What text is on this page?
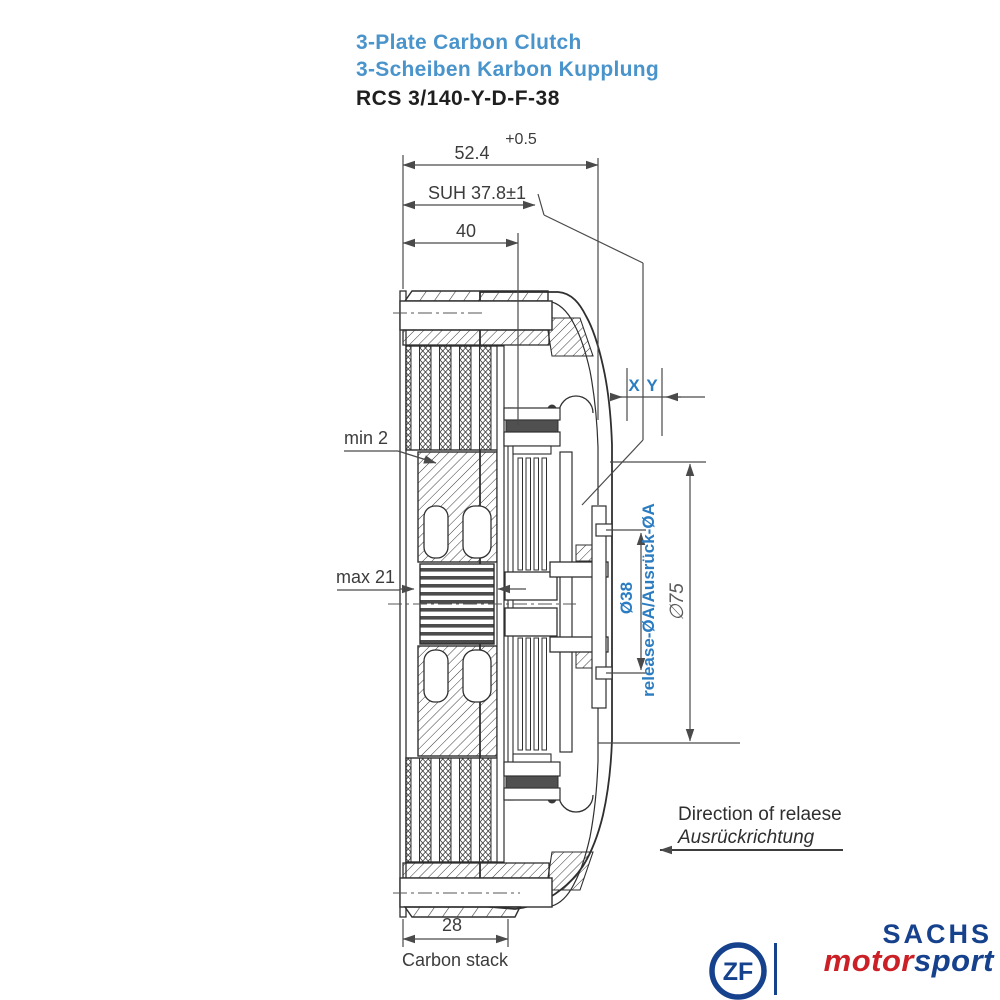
52.4
+0.5
SUH 37.8±1
40
min 2
max 21
X Y
Ø38 release-ØA/Ausrück-ØA ∅75
28
Carbon stack
Direction of relaese
Ausrückrichtung
3-Plate Carbon Clutch
3-Scheiben Karbon Kupplung
RCS 3/140-Y-D-F-38
ZF
SACHS
motorsport
